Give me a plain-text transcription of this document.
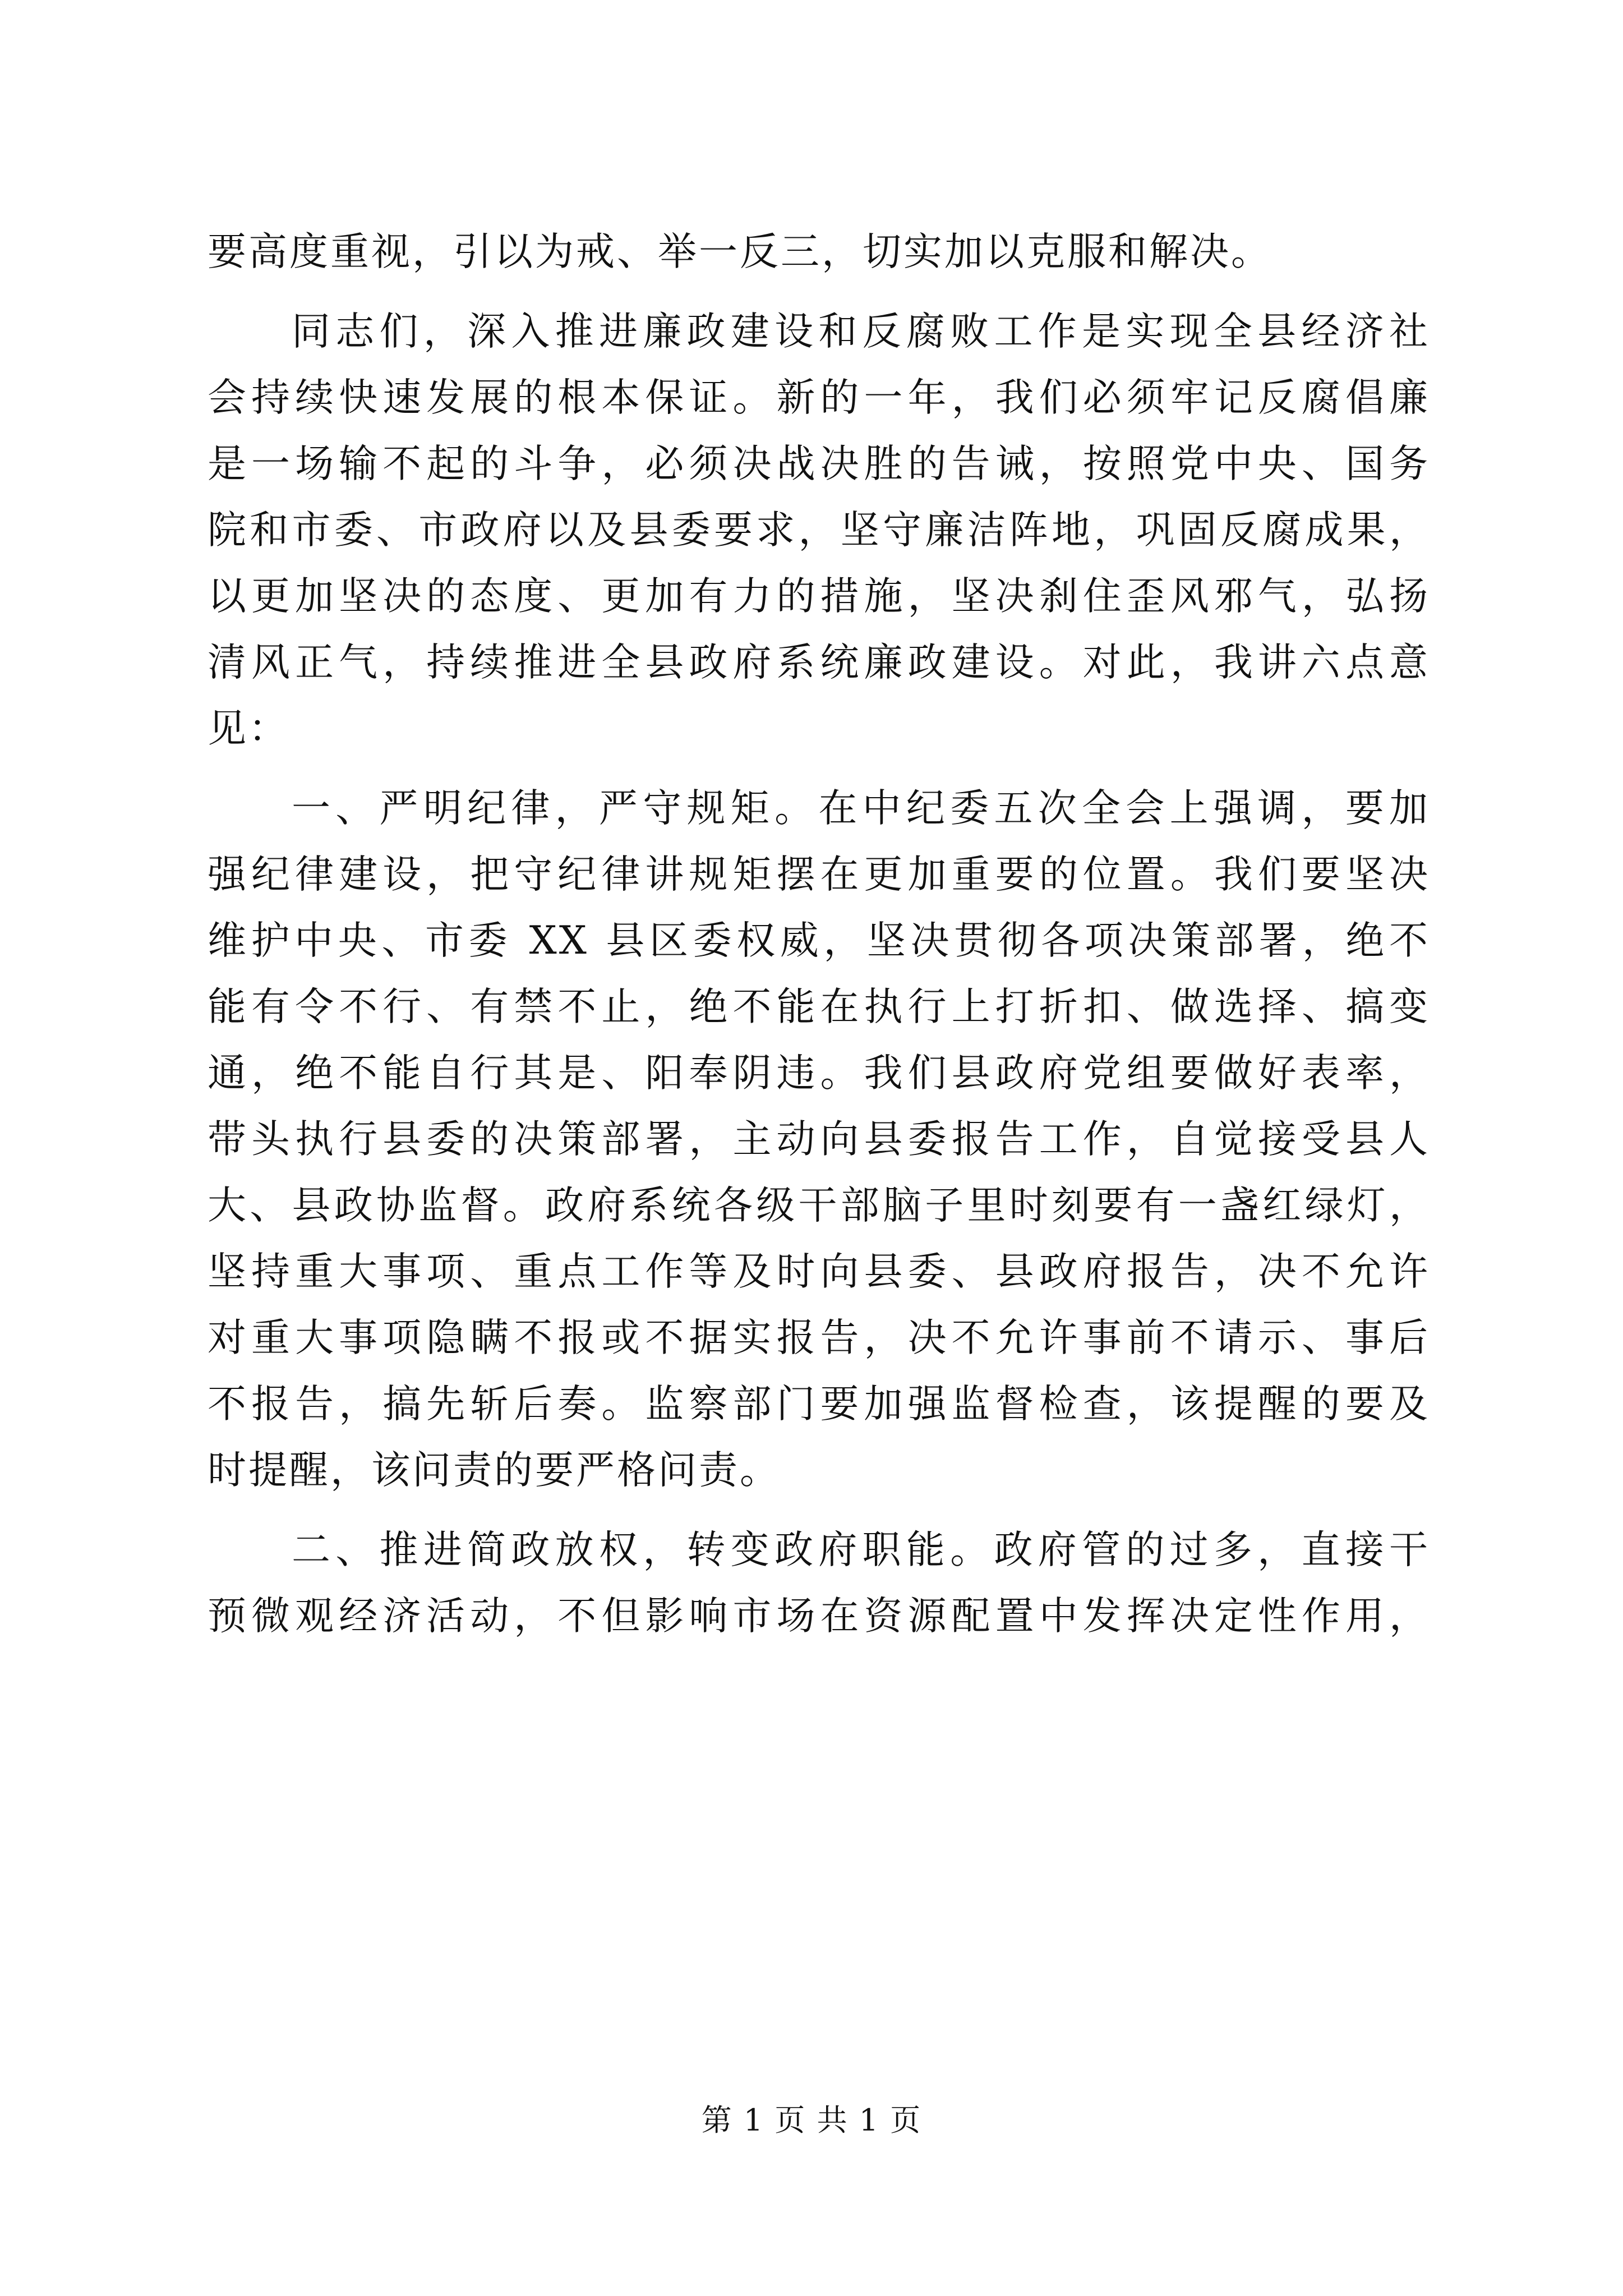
要高度重视，引以为戒、举一反三，切实加以克服和解决。
同志们，深入推进廉政建设和反腐败工作是实现全县经济社
会持续快速发展的根本保证。新的一年，我们必须牢记反腐倡廉
是一场输不起的斗争，必须决战决胜的告诫，按照党中央、国务
院和市委、市政府以及县委要求，坚守廉洁阵地，巩固反腐成果，
以更加坚决的态度、更加有力的措施，坚决刹住歪风邪气，弘扬
清风正气，持续推进全县政府系统廉政建设。对此，我讲六点意
见：
一、严明纪律，严守规矩。在中纪委五次全会上强调，要加
强纪律建设，把守纪律讲规矩摆在更加重要的位置。我们要坚决
维护中央、市委 XX 县区委权威，坚决贯彻各项决策部署，绝不
能有令不行、有禁不止，绝不能在执行上打折扣、做选择、搞变
通，绝不能自行其是、阳奉阴违。我们县政府党组要做好表率，
带头执行县委的决策部署，主动向县委报告工作，自觉接受县人
大、县政协监督。政府系统各级干部脑子里时刻要有一盏红绿灯，
坚持重大事项、重点工作等及时向县委、县政府报告，决不允许
对重大事项隐瞒不报或不据实报告，决不允许事前不请示、事后
不报告，搞先斩后奏。监察部门要加强监督检查，该提醒的要及
时提醒，该问责的要严格问责。
二、推进简政放权，转变政府职能。政府管的过多，直接干
预微观经济活动，不但影响市场在资源配置中发挥决定性作用，
第 1 页 共 1 页
